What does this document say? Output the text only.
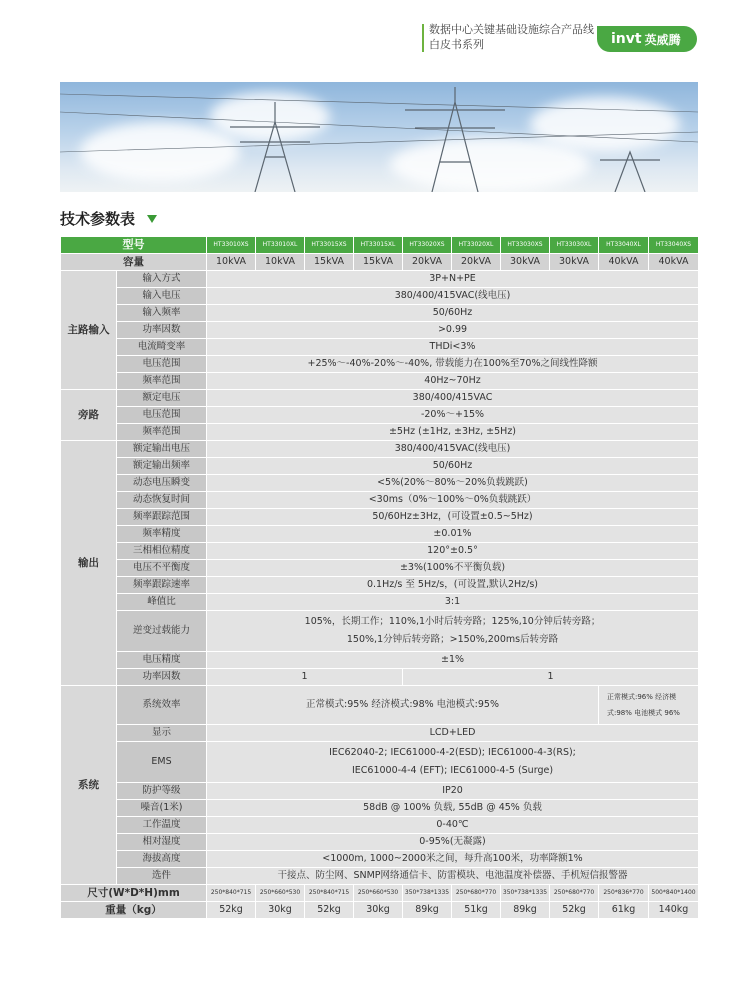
数据中心关键基础设施综合产品线
白皮书系列	invt 英威腾
技术参数表
型号		HT33010XS	HT33010XL	HT33015XS	HT33015XL	HT33020XS	HT33020XL	HT33030XS	HT33030XL	HT33040XL	HT33040XS
容量		10kVA	10kVA	15kVA	15kVA	20kVA	20kVA	30kVA	30kVA	40kVA	40kVA
主路输入	输入方式	3P+N+PE									
	输入电压	380/400/415VAC(线电压)									
	输入频率	50/60Hz									
	功率因数	>0.99									
	电流畸变率	THDi<3%									
	电压范围	+25%～-40%-20%～-40%, 带载能力在100%至70%之间线性降额									
	频率范围	40Hz~70Hz									
旁路	额定电压	380/400/415VAC									
	电压范围	-20%～+15%									
	频率范围	±5Hz (±1Hz, ±3Hz, ±5Hz)									
输出	额定输出电压	380/400/415VAC(线电压)									
	额定输出频率	50/60Hz									
	动态电压瞬变	<5%(20%～80%～20%负载跳跃)									
	动态恢复时间	<30ms（0%～100%～0%负载跳跃）									
	频率跟踪范围	50/60Hz±3Hz，(可设置±0.5~5Hz)									
	频率精度	±0.01%									
	三相相位精度	120°±0.5°									
	电压不平衡度	±3%(100%不平衡负载)									
	频率跟踪速率	0.1Hz/s 至 5Hz/s，(可设置,默认2Hz/s)									
	峰值比	3:1									
	逆变过载能力	105%，长期工作；110%,1小时后转旁路；125%,10分钟后转旁路；
150%,1分钟后转旁路；>150%,200ms后转旁路									
	电压精度	±1%									
	功率因数	1				1					
系统	系统效率	正常模式:95% 经济模式:98% 电池模式:95%								正常模式:96% 经济模
式:98% 电池模式 96%	
	显示	LCD+LED									
	EMS	IEC62040-2; IEC61000-4-2(ESD); IEC61000-4-3(RS);
IEC61000-4-4 (EFT); IEC61000-4-5 (Surge)									
	防护等级	IP20									
	噪音(1米)	58dB @ 100% 负载, 55dB @ 45% 负载									
	工作温度	0-40℃									
	相对湿度	0-95%(无凝露)									
	海拔高度	<1000m, 1000~2000米之间，每升高100米，功率降额1%									
	选件	干接点、防尘网、SNMP网络通信卡、防雷模块、电池温度补偿器、手机短信报警器									
尺寸(W*D*H)mm		250*840*715	250*660*530	250*840*715	250*660*530	350*738*1335	250*680*770	350*738*1335	250*680*770	250*836*770	500*840*1400
重量（kg）		52kg	30kg	52kg	30kg	89kg	51kg	89kg	52kg	61kg	140kg
